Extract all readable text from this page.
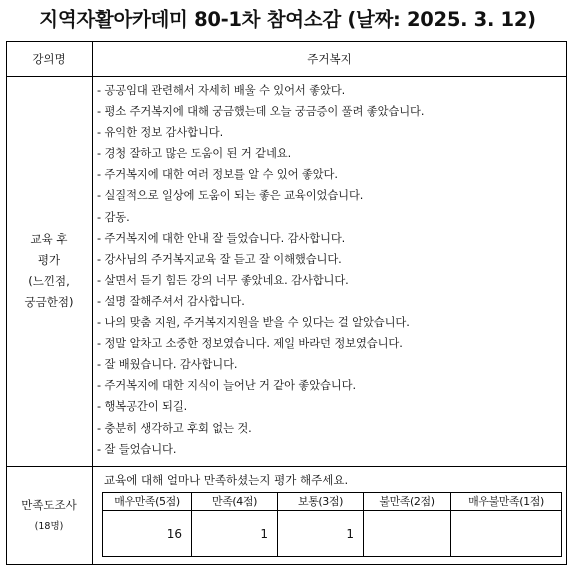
지역자활아카데미 80-1차 참여소감 (날짜: 2025. 3. 12)
강의명	주거복지
교육 후
평가
(느낀점,
궁금한점)
- 공공임대 관련해서 자세히 배울 수 있어서 좋았다.
- 평소 주거복지에 대해 궁금했는데 오늘 궁금증이 풀려 좋았습니다.
- 유익한 정보 감사합니다.
- 경청 잘하고 많은 도움이 된 거 같네요.
- 주거복지에 대한 여러 정보를 알 수 있어 좋았다.
- 실질적으로 일상에 도움이 되는 좋은 교육이었습니다.
- 감동.
- 주거복지에 대한 안내 잘 들었습니다. 감사합니다.
- 강사님의 주거복지교육 잘 듣고 잘 이해했습니다.
- 살면서 듣기 힘든 강의 너무 좋았네요. 감사합니다.
- 설명 잘해주셔서 감사합니다.
- 나의 맞춤 지원, 주거복지지원을 받을 수 있다는 걸 알았습니다.
- 정말 알차고 소중한 정보였습니다. 제일 바라던 정보였습니다.
- 잘 배웠습니다. 감사합니다.
- 주거복지에 대한 지식이 늘어난 거 같아 좋았습니다.
- 행복공간이 되길.
- 충분히 생각하고 후회 없는 것.
- 잘 들었습니다.
만족도조사
(18명)
교육에 대해 얼마나 만족하셨는지 평가 해주세요.
매우만족(5점)
16
만족(4점)
1
보통(3점)
1
불만족(2점)	매우불만족(1점)
